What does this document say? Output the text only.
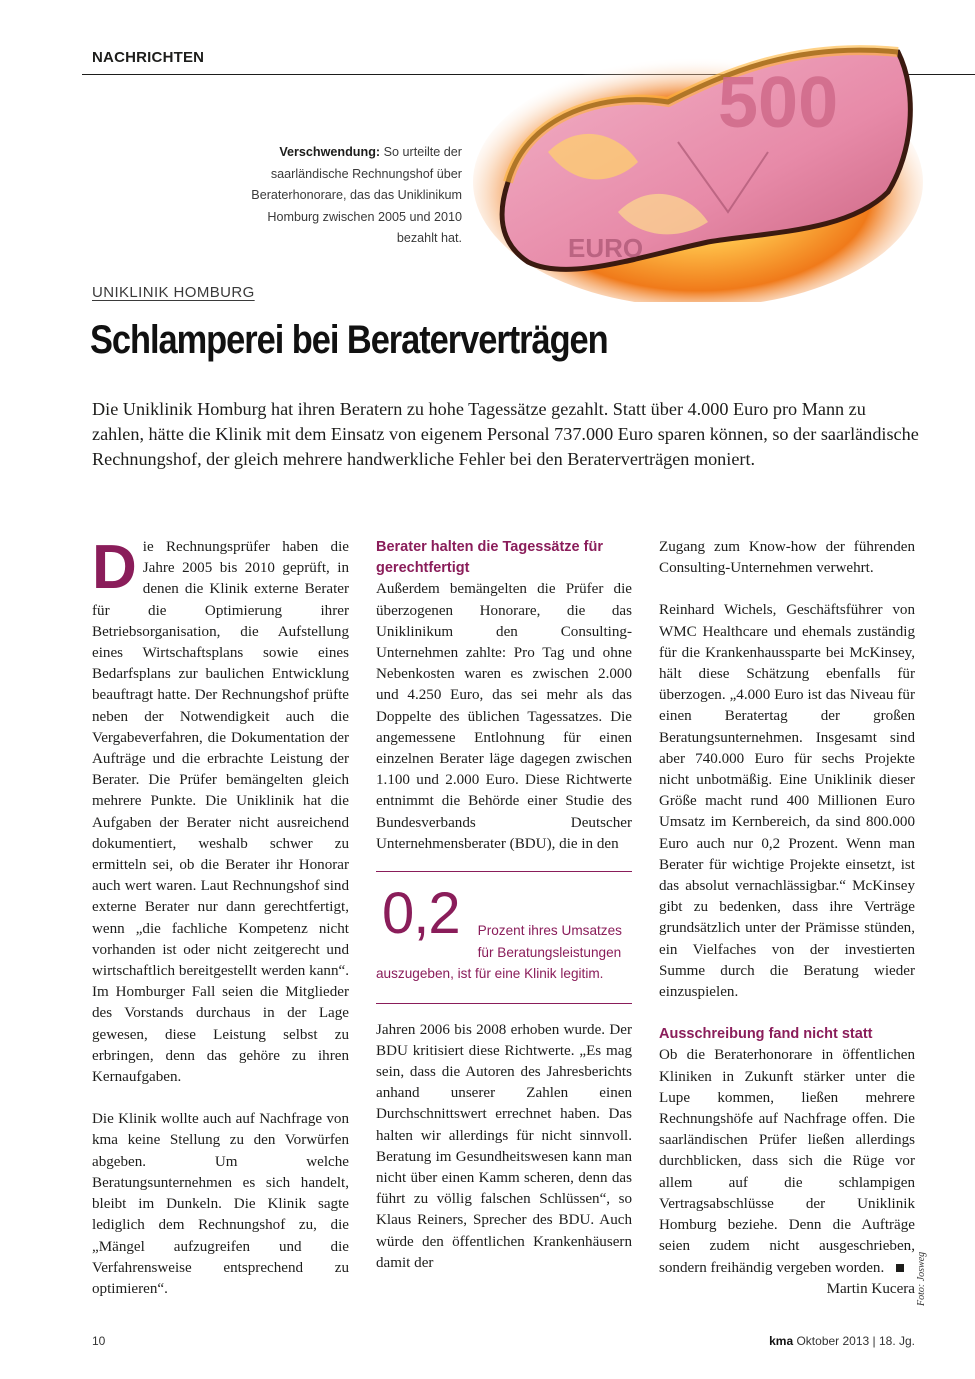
NACHRICHTEN
500
EURO
Verschwendung: So urteilte der saarländische Rechnungshof über Beraterhonorare, das das Uniklinikum Homburg zwischen 2005 und 2010 bezahlt hat.
UNIKLINIK HOMBURG
Schlamperei bei Beraterverträgen
Die Uniklinik Homburg hat ihren Beratern zu hohe Tagessätze gezahlt. Statt über 4.000 Euro pro Mann zu zahlen, hätte die Klinik mit dem Einsatz von eigenem Personal 737.000 Euro sparen können, so der saarländische Rechnungshof, der gleich mehrere handwerkliche Fehler bei den Beraterverträgen moniert.

Die Rechnungsprüfer haben die Jahre 2005 bis 2010 geprüft, in denen die Klinik externe Berater für die Optimierung ihrer Betriebsorganisation, die Aufstellung eines Wirtschaftsplans sowie eines Bedarfsplans zur baulichen Entwicklung beauftragt hatte. Der Rechnungshof prüfte neben der Notwendigkeit auch die Vergabeverfahren, die Dokumentation der Aufträge und die erbrachte Leistung der Berater. Die Prüfer bemängelten gleich mehrere Punkte. Die Uniklinik hat die Aufgaben der Berater nicht ausreichend dokumentiert, weshalb schwer zu ermitteln sei, ob die Berater ihr Honorar auch wert waren. Laut Rechnungshof sind externe Berater nur dann gerechtfertigt, wenn „die fachliche Kompetenz nicht vorhanden ist oder nicht zeitgerecht und wirtschaftlich bereitgestellt werden kann“. Im Homburger Fall seien die Mitglieder des Vorstands durchaus in der Lage gewesen, diese Leistung selbst zu erbringen, denn das gehöre zu ihren Kernaufgaben.

Die Klinik wollte auch auf Nachfrage von kma keine Stellung zu den Vorwürfen abgeben. Um welche Beratungsunternehmen es sich handelt, bleibt im Dunkeln. Die Klinik sagte lediglich dem Rechnungshof zu, die „Mängel aufzugreifen und die Verfahrensweise entsprechend zu optimieren“.

Berater halten die Tagessätze für gerechtfertigt

Außerdem bemängelten die Prüfer die überzogenen Honorare, die das Uniklinikum den Consulting-Unternehmen zahlte: Pro Tag und ohne Nebenkosten waren es zwischen 2.000 und 4.250 Euro, das sei mehr als das Doppelte des üblichen Tagessatzes. Die angemessene Entlohnung für einen einzelnen Berater läge dagegen zwischen 1.100 und 2.000 Euro. Diese Richtwerte entnimmt die Behörde einer Studie des Bundesverbands Deutscher Unternehmensberater (BDU), die in den

0,2	Prozent ihres Umsatzes für Beratungsleistungen auszugeben, ist für eine Klinik legitim.

Jahren 2006 bis 2008 erhoben wurde. Der BDU kritisiert diese Richtwerte. „Es mag sein, dass die Autoren des Jahresberichts anhand unserer Zahlen einen Durchschnittswert errechnet haben. Das halten wir allerdings für nicht sinnvoll. Beratung im Gesundheitswesen kann man nicht über einen Kamm scheren, denn das führt zu völlig falschen Schlüssen“, so Klaus Reiners, Sprecher des BDU. Auch würde den öffentlichen Krankenhäusern damit der

Zugang zum Know-how der führenden Consulting-Unternehmen verwehrt.

Reinhard Wichels, Geschäftsführer von WMC Healthcare und ehemals zuständig für die Krankenhaussparte bei McKinsey, hält diese Schätzung ebenfalls für überzogen. „4.000 Euro ist das Niveau für einen Beratertag der großen Beratungsunternehmen. Insgesamt sind aber 740.000 Euro für sechs Projekte nicht unbotmäßig. Eine Uniklinik dieser Größe macht rund 400 Millionen Euro Umsatz im Kernbereich, da sind 800.000 Euro auch nur 0,2 Prozent. Wenn man Berater für wichtige Projekte einsetzt, ist das absolut vernachlässigbar.“ McKinsey gibt zu bedenken, dass ihre Verträge grundsätzlich unter der Prämisse stünden, ein Vielfaches von der investierten Summe durch die Beratung wieder einzuspielen.

Ausschreibung fand nicht statt

Ob die Beraterhonorare in öffentlichen Kliniken in Zukunft stärker unter die Lupe kommen, ließen mehrere Rechnungshöfe auf Nachfrage offen. Die saarländischen Prüfer ließen allerdings durchblicken, dass sich die Rüge vor allem auf die schlampigen Vertragsabschlüsse der Uniklinik Homburg beziehe. Denn die Aufträge seien zudem nicht ausgeschrieben, sondern freihändig vergeben worden.

Martin Kucera Foto: Josweg
10	kma Oktober 2013 | 18. Jg.
